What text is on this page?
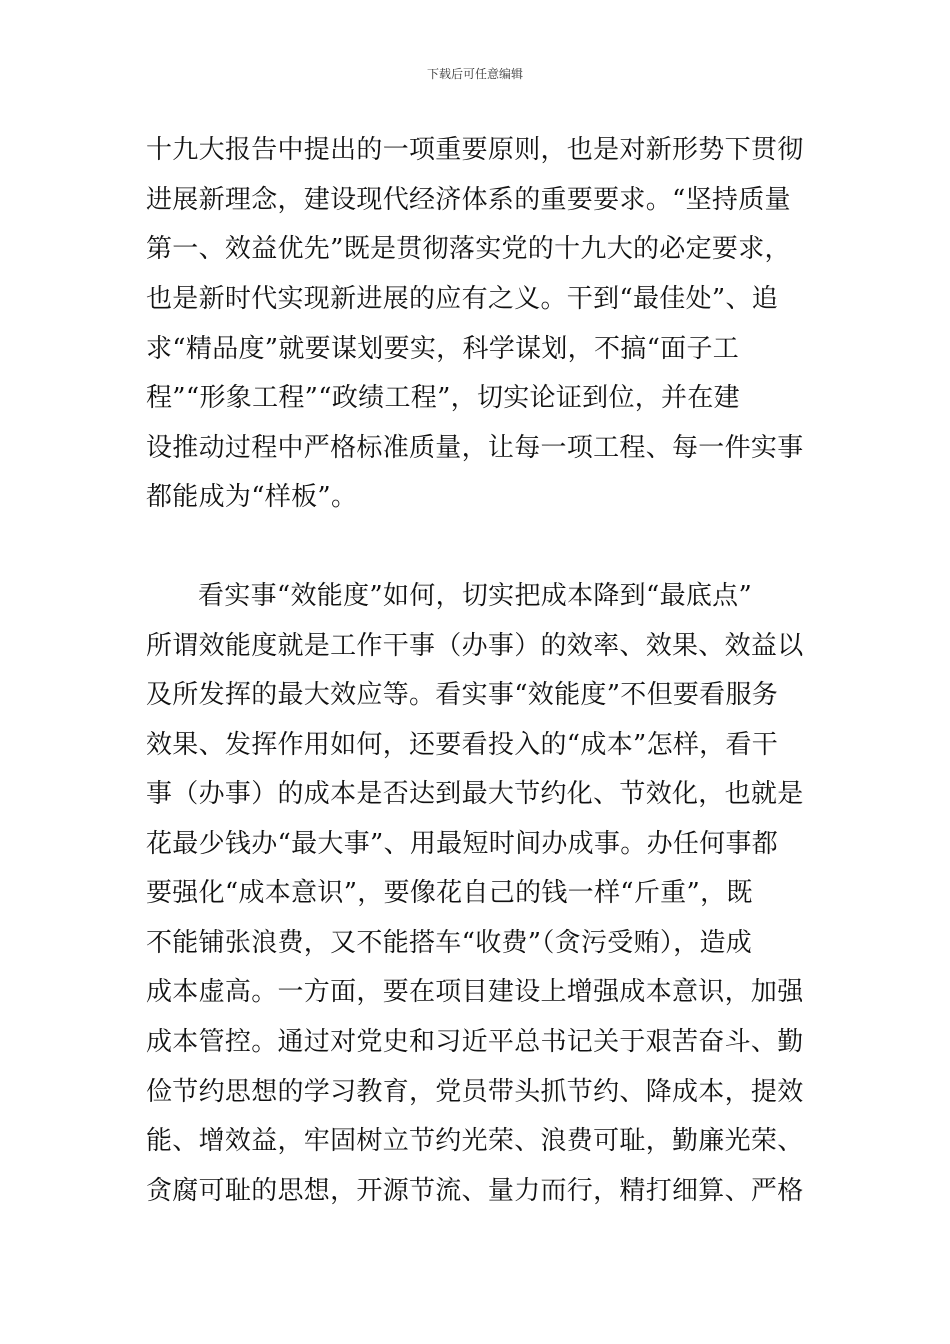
下载后可任意编辑
十九大报告中提出的一项重要原则，也是对新形势下贯彻
进展新理念，建设现代经济体系的重要要求。“坚持质量
第一、效益优先”既是贯彻落实党的十九大的必定要求，
也是新时代实现新进展的应有之义。干到“最佳处”、追
求“精品度”就要谋划要实，科学谋划，不搞“面子工
程”“形象工程”“政绩工程”，切实论证到位，并在建
设推动过程中严格标准质量，让每一项工程、每一件实事
都能成为“样板”。
看实事“效能度”如何，切实把成本降到“最底点”
所谓效能度就是工作干事（办事）的效率、效果、效益以
及所发挥的最大效应等。看实事“效能度”不但要看服务
效果、发挥作用如何，还要看投入的“成本”怎样，看干
事（办事）的成本是否达到最大节约化、节效化，也就是
花最少钱办“最大事”、用最短时间办成事。办任何事都
要强化“成本意识”，要像花自己的钱一样“斤重”，既
不能铺张浪费，又不能搭车“收费”（贪污受贿），造成
成本虚高。一方面，要在项目建设上增强成本意识，加强
成本管控。通过对党史和习近平总书记关于艰苦奋斗、勤
俭节约思想的学习教育，党员带头抓节约、降成本，提效
能、增效益，牢固树立节约光荣、浪费可耻，勤廉光荣、
贪腐可耻的思想，开源节流、量力而行，精打细算、严格
